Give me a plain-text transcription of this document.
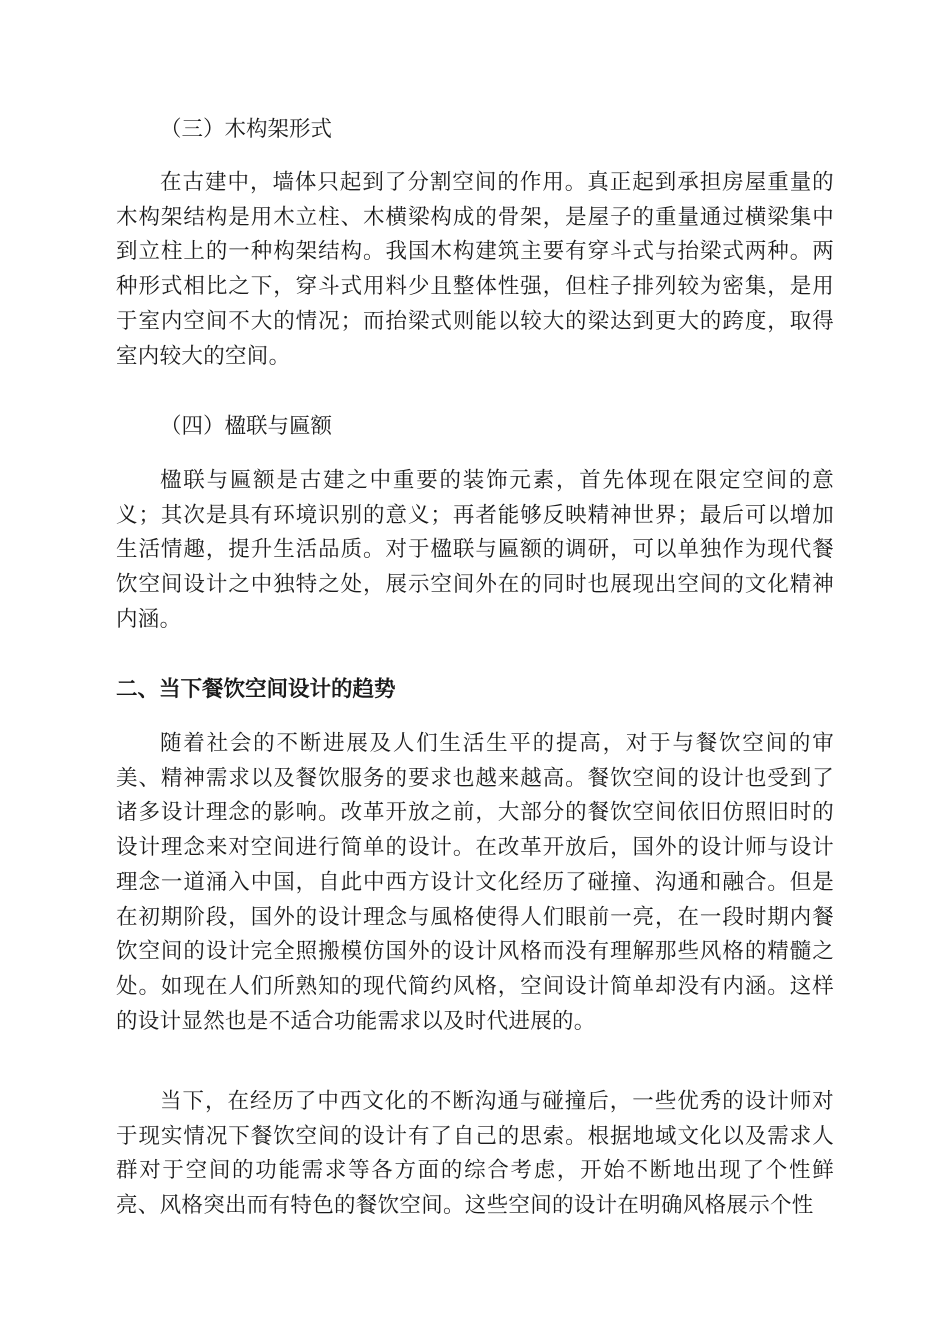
（三）木构架形式

在古建中，墙体只起到了分割空间的作用。真正起到承担房屋重量的木构架结构是用木立柱、木横梁构成的骨架，是屋子的重量通过横梁集中到立柱上的一种构架结构。我国木构建筑主要有穿斗式与抬梁式两种。两种形式相比之下，穿斗式用料少且整体性强，但柱子排列较为密集，是用于室内空间不大的情况；而抬梁式则能以较大的梁达到更大的跨度，取得室内较大的空间。

（四）楹联与匾额

楹联与匾额是古建之中重要的装饰元素，首先体现在限定空间的意义；其次是具有环境识别的意义；再者能够反映精神世界；最后可以增加生活情趣，提升生活品质。对于楹联与匾额的调研，可以单独作为现代餐饮空间设计之中独特之处，展示空间外在的同时也展现出空间的文化精神内涵。

二、当下餐饮空间设计的趋势

随着社会的不断进展及人们生活生平的提高，对于与餐饮空间的审美、精神需求以及餐饮服务的要求也越来越高。餐饮空间的设计也受到了诸多设计理念的影响。改革开放之前，大部分的餐饮空间依旧仿照旧时的设计理念来对空间进行简单的设计。在改革开放后，国外的设计师与设计理念一道涌入中国，自此中西方设计文化经历了碰撞、沟通和融合。但是在初期阶段，国外的设计理念与風格使得人们眼前一亮，在一段时期内餐饮空间的设计完全照搬模仿国外的设计风格而没有理解那些风格的精髓之处。如现在人们所熟知的现代简约风格，空间设计简单却没有内涵。这样的设计显然也是不适合功能需求以及时代进展的。

当下，在经历了中西文化的不断沟通与碰撞后，一些优秀的设计师对于现实情况下餐饮空间的设计有了自己的思索。根据地域文化以及需求人群对于空间的功能需求等各方面的综合考虑，开始不断地出现了个性鲜亮、风格突出而有特色的餐饮空间。这些空间的设计在明确风格展示个性
